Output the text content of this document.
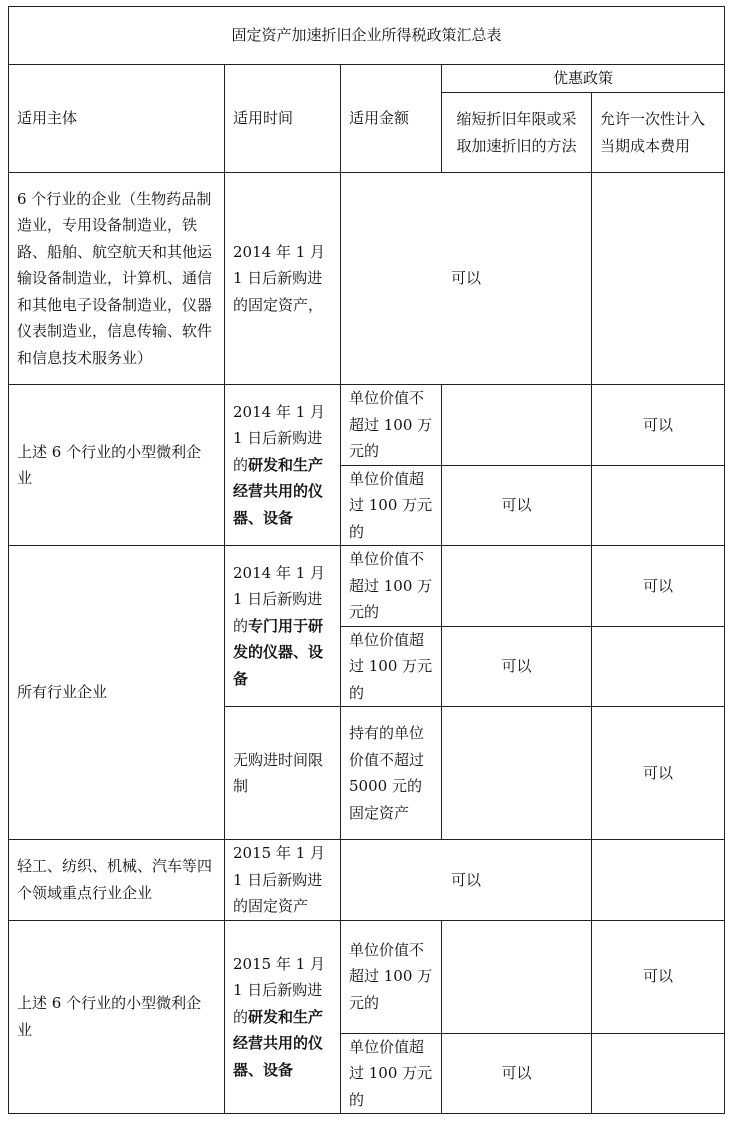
固定资产加速折旧企业所得税政策汇总表				
适用主体	适用时间	适用金额	优惠政策	
			缩短折旧年限或采取加速折旧的方法	允许一次性计入当期成本费用
6 个行业的企业（生物药品制造业，专用设备制造业，铁路、船舶、航空航天和其他运输设备制造业，计算机、通信和其他电子设备制造业，仪器仪表制造业，信息传输、软件和信息技术服务业）	2014 年 1 月 1 日后新购进的固定资产，	可以		
上述 6 个行业的小型微利企业	2014 年 1 月 1 日后新购进的研发和生产经营共用的仪器、设备	单位价值不超过 100 万元的		可以
		单位价值超过 100 万元的	可以	
所有行业企业	2014 年 1 月 1 日后新购进的专门用于研发的仪器、设备	单位价值不超过 100 万元的		可以
		单位价值超过 100 万元的	可以	
	无购进时间限制	持有的单位价值不超过 5000 元的固定资产		可以
轻工、纺织、机械、汽车等四个领域重点行业企业	2015 年 1 月 1 日后新购进的固定资产	可以		
上述 6 个行业的小型微利企业	2015 年 1 月 1 日后新购进的研发和生产经营共用的仪器、设备	单位价值不超过 100 万元的		可以
		单位价值超过 100 万元的	可以	
